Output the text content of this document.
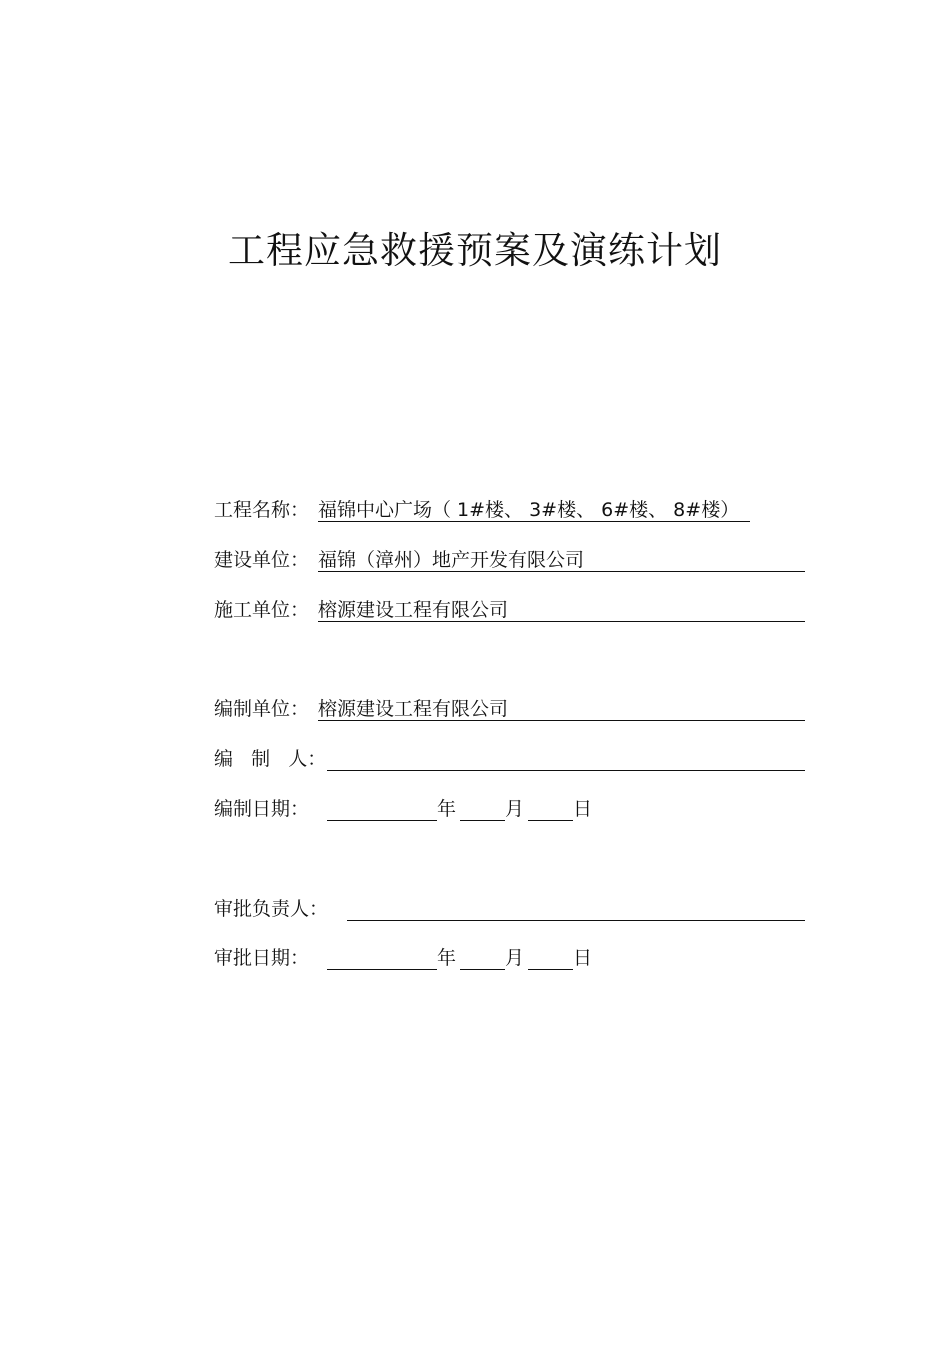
工程应急救援预案及演练计划
工程名称： 福锦中心广场（ 1#楼、 3#楼、 6#楼、 8#楼）
建设单位： 福锦（漳州）地产开发有限公司
施工单位： 榕源建设工程有限公司
编制单位： 榕源建设工程有限公司
编   制   人：
编制日期：	年	月	日
审批负责人：
审批日期：	年	月	日
